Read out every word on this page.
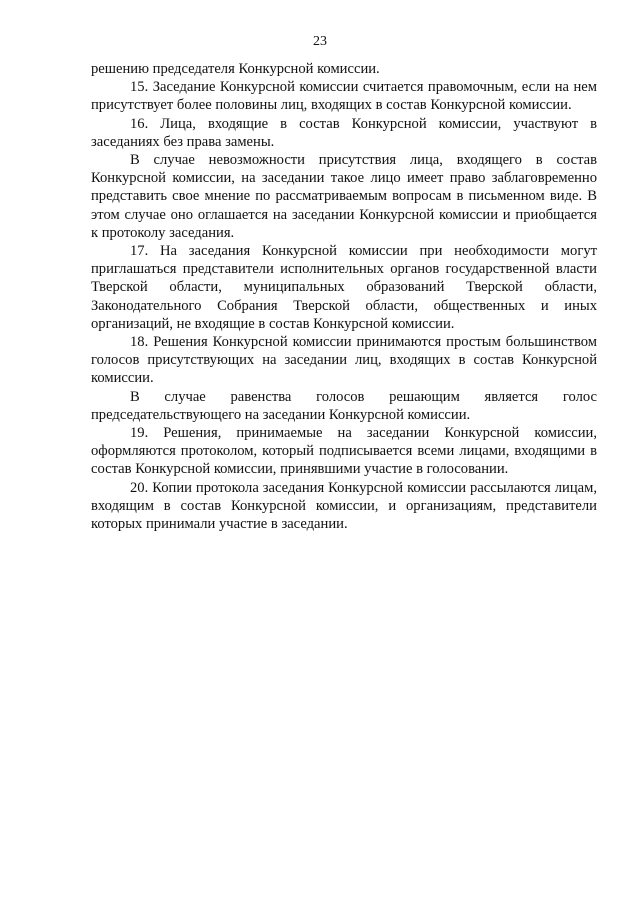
23

решению председателя Конкурсной комиссии.

15. Заседание Конкурсной комиссии считается правомочным, если на нем присутствует более половины лиц, входящих в состав Конкурсной комиссии.

16. Лица, входящие в состав Конкурсной комиссии, участвуют в заседаниях без права замены.

В случае невозможности присутствия лица, входящего в состав Конкурсной комиссии, на заседании такое лицо имеет право заблаговременно представить свое мнение по рассматриваемым вопросам в письменном виде. В этом случае оно оглашается на заседании Конкурсной комиссии и приобщается к протоколу заседания.

17. На заседания Конкурсной комиссии при необходимости могут приглашаться представители исполнительных органов государственной власти Тверской области, муниципальных образований Тверской области, Законодательного Собрания Тверской области, общественных и иных организаций, не входящие в состав Конкурсной комиссии.

18. Решения Конкурсной комиссии принимаются простым большинством голосов присутствующих на заседании лиц, входящих в состав Конкурсной комиссии.

В случае равенства голосов решающим является голос председательствующего на заседании Конкурсной комиссии.

19. Решения, принимаемые на заседании Конкурсной комиссии, оформляются протоколом, который подписывается всеми лицами, входящими в состав Конкурсной комиссии, принявшими участие в голосовании.

20. Копии протокола заседания Конкурсной комиссии рассылаются лицам, входящим в состав Конкурсной комиссии, и организациям, представители которых принимали участие в заседании.
